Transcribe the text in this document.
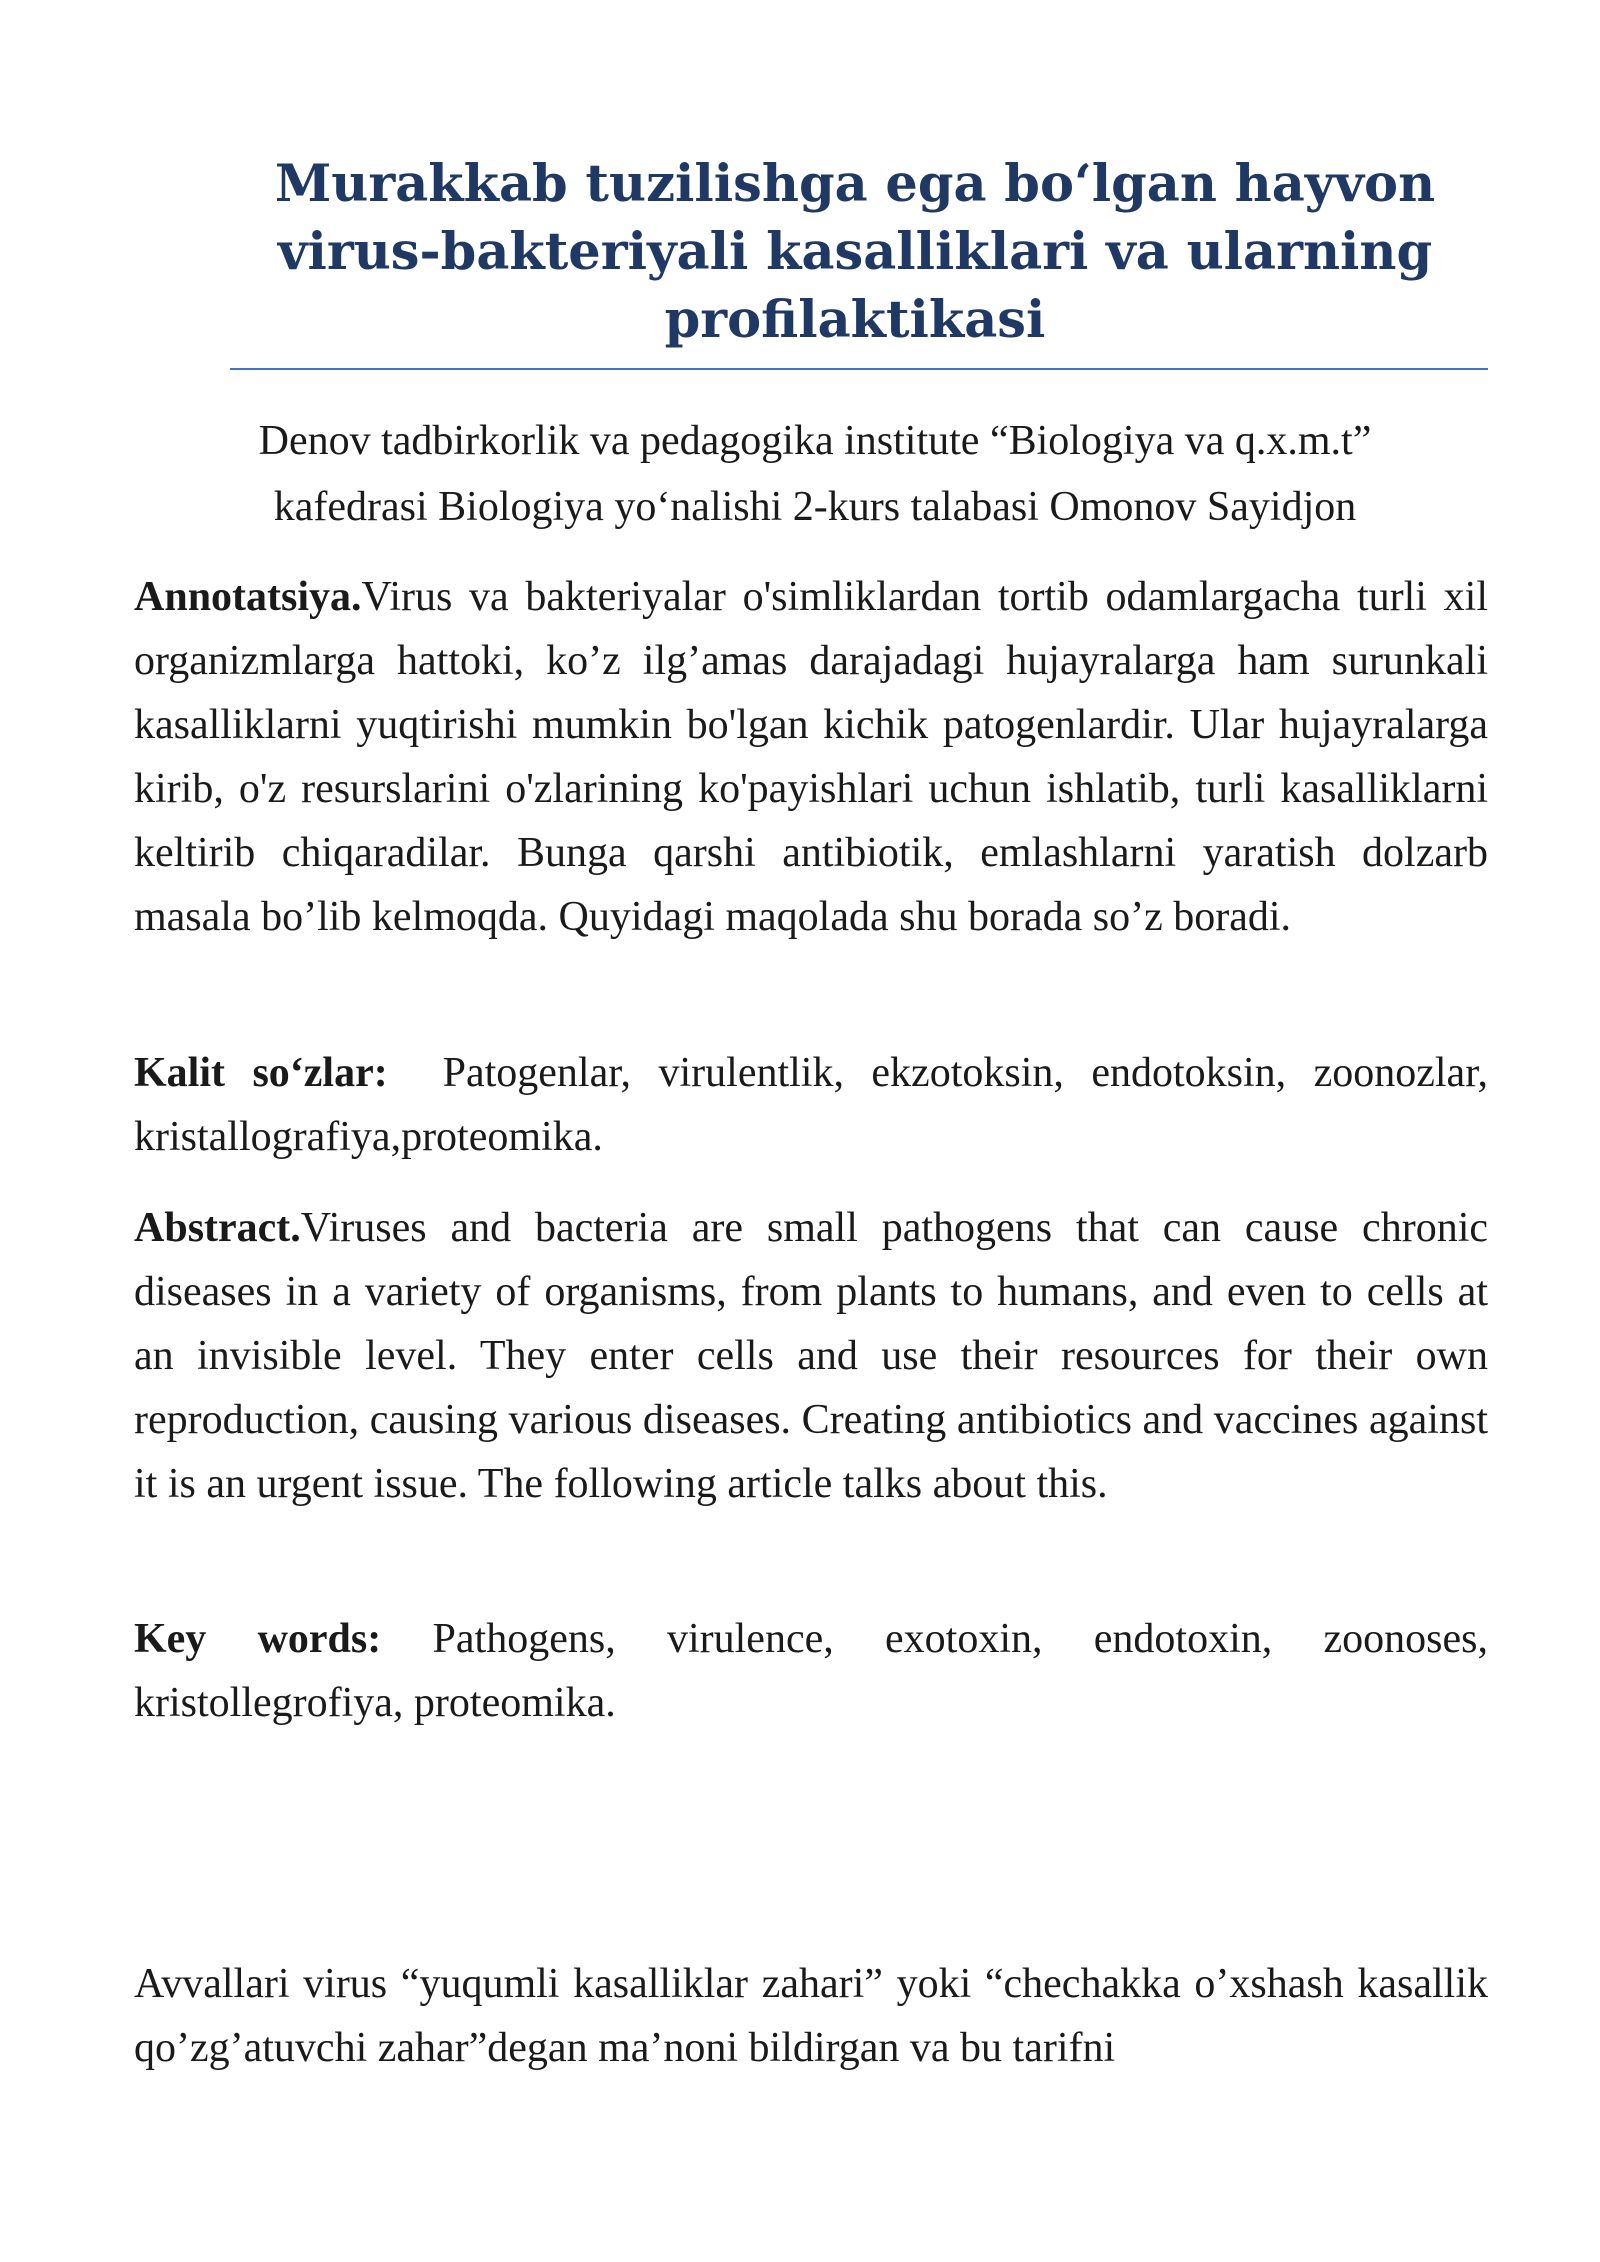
Murakkab tuzilishga ega bo‘lgan hayvon virus-bakteriyali kasalliklari va ularning profilaktikasi

Denov tadbirkorlik va pedagogika institute “Biologiya va q.x.m.t”
kafedrasi Biologiya yo‘nalishi 2-kurs talabasi Omonov Sayidjon

Annotatsiya.Virus va bakteriyalar o'simliklardan tortib odamlargacha turli xil organizmlarga hattoki, ko’z ilg’amas darajadagi hujayralarga ham surunkali kasalliklarni yuqtirishi mumkin bo'lgan kichik patogenlardir. Ular hujayralarga kirib, o'z resurslarini o'zlarining ko'payishlari uchun ishlatib, turli kasalliklarni keltirib chiqaradilar. Bunga qarshi antibiotik, emlashlarni yaratish dolzarb masala bo’lib kelmoqda. Quyidagi maqolada shu borada so’z boradi.

Kalit so‘zlar:  Patogenlar, virulentlik, ekzotoksin, endotoksin, zoonozlar, kristallografiya,proteomika.

Abstract.Viruses and bacteria are small pathogens that can cause chronic diseases in a variety of organisms, from plants to humans, and even to cells at an invisible level. They enter cells and use their resources for their own reproduction, causing various diseases. Creating antibiotics and vaccines against it is an urgent issue. The following article talks about this.

Key words: Pathogens, virulence, exotoxin, endotoxin, zoonoses, kristollegrofiya, proteomika.

Avvallari virus “yuqumli kasalliklar zahari” yoki “chechakka o’xshash kasallik qo’zg’atuvchi zahar”degan ma’noni bildirgan va bu tarifni
